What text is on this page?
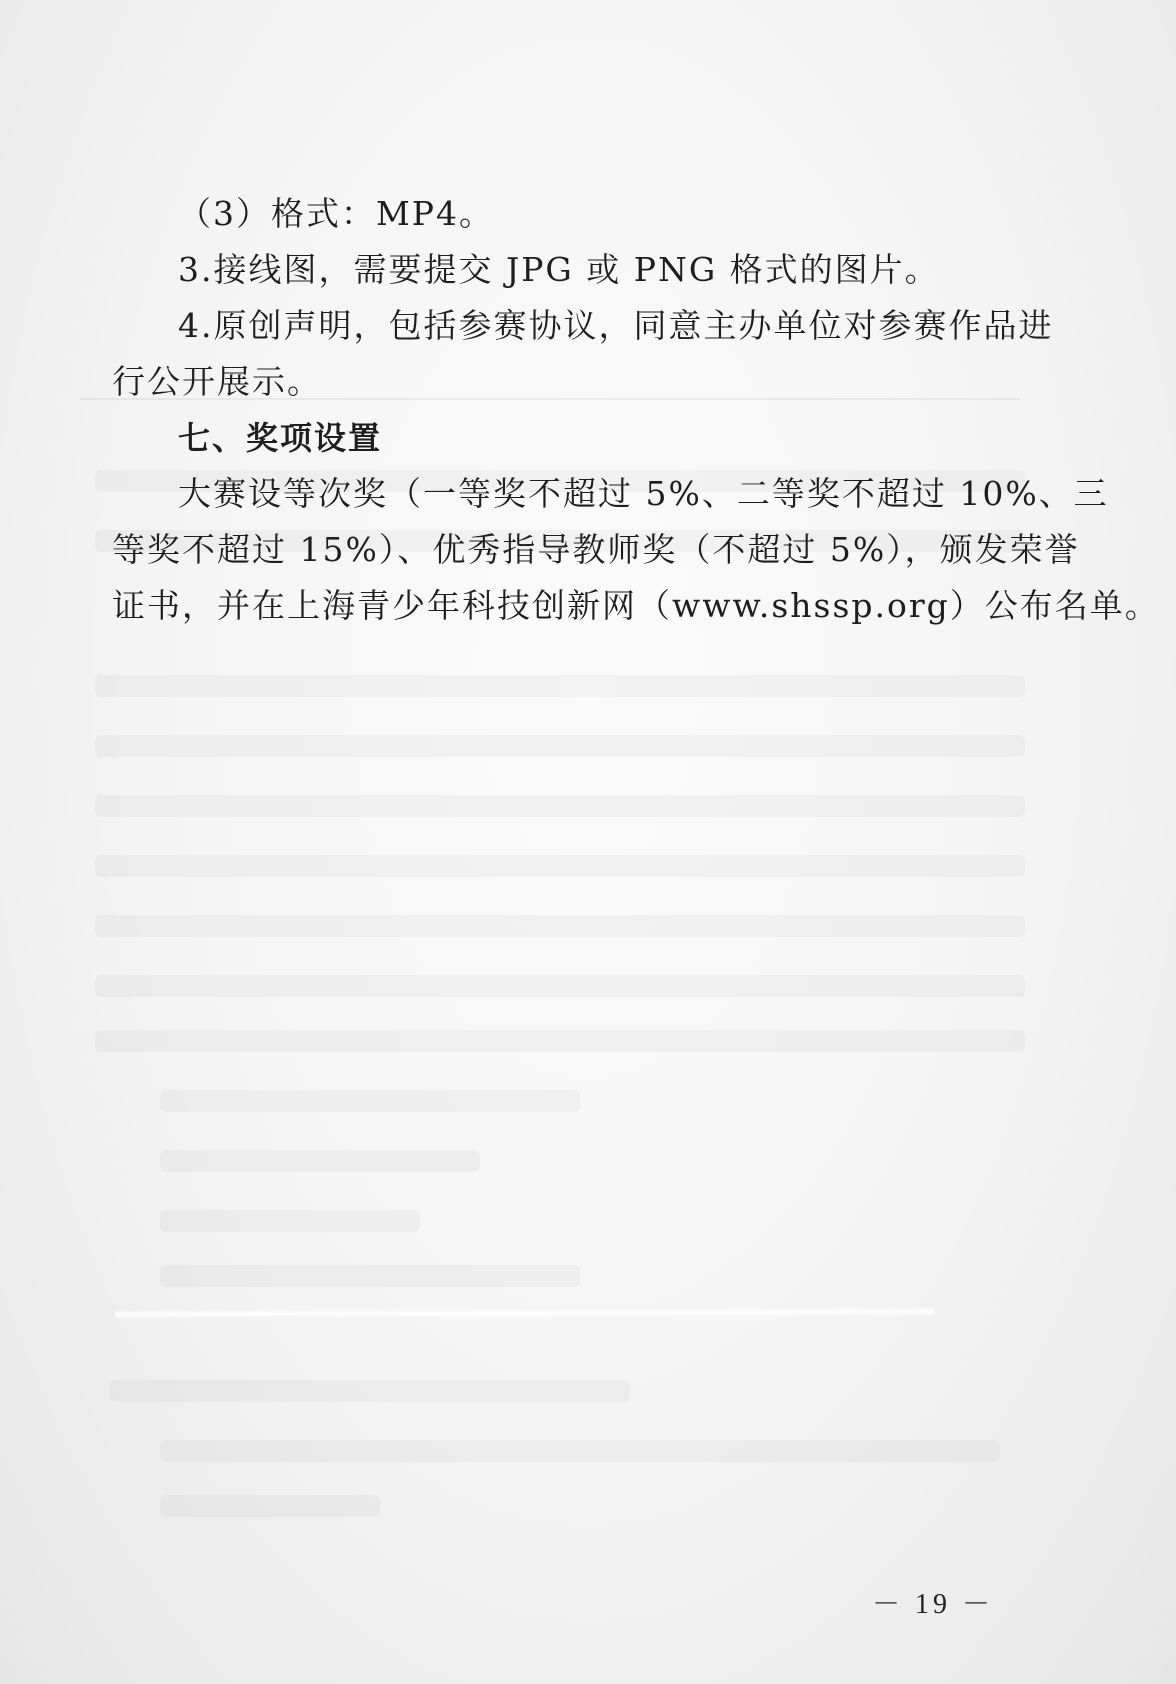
（3）格式：MP4。

3.接线图，需要提交 JPG 或 PNG 格式的图片。

4.原创声明，包括参赛协议，同意主办单位对参赛作品进

行公开展示。

七、奖项设置

大赛设等次奖（一等奖不超过 5%、二等奖不超过 10%、三

等奖不超过 15%）、优秀指导教师奖（不超过 5%），颁发荣誉

证书，并在上海青少年科技创新网（www.shssp.org）公布名单。

－ 19 －
